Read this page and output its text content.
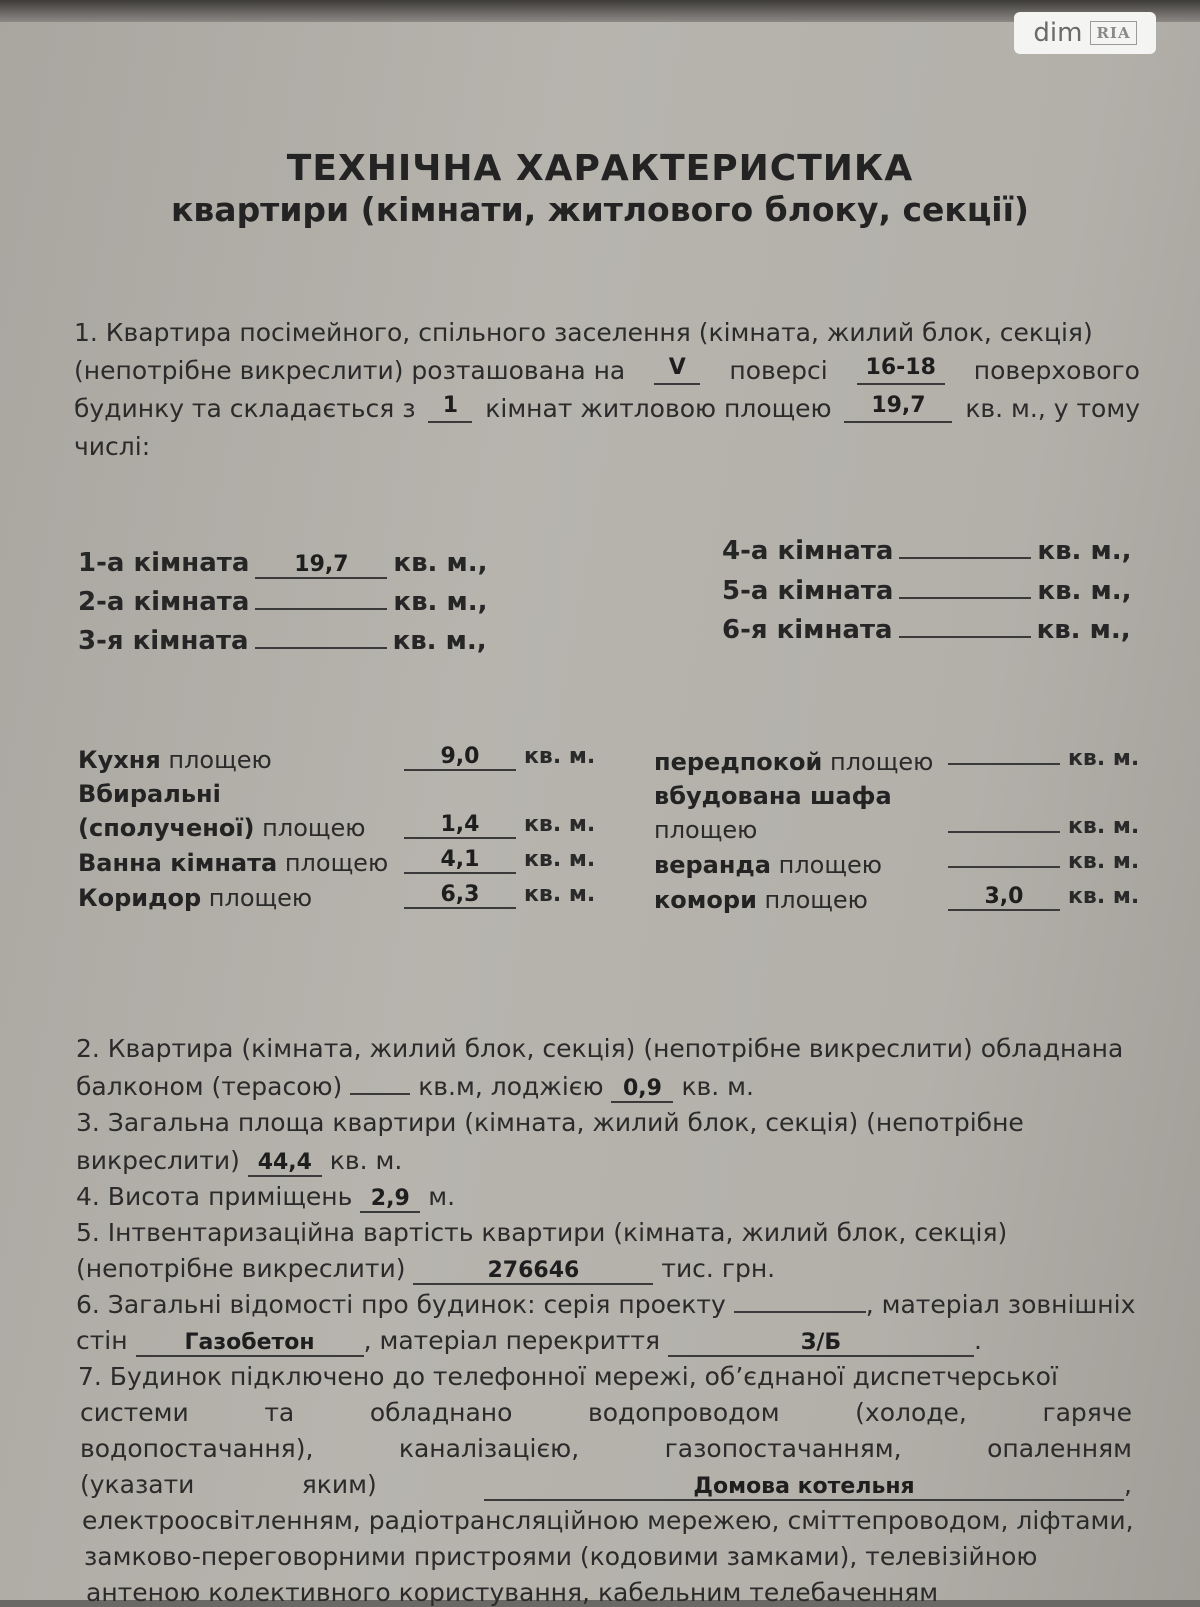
dim RIA
ТЕХНІЧНА ХАРАКТЕРИСТИКА
квартири (кімнати, житлового блоку, секції)
1. Квартира посімейного, спільного заселення (кімната, жилий блок, секція)
(непотрібне викреслити) розташована на	V	поверсі	16-18	поверхового
будинку та складається з	1	кімнат житловою площею	19,7	кв. м., у тому
числі:
1-а кімната 19,7 кв. м.,
2-а кімната	кв. м.,
3-я кімната	кв. м.,
4-а кімната	кв. м.,
5-а кімната	кв. м.,
6-я кімната	кв. м.,
Кухня площею	9,0 кв. м.
Вбиральні
(сполученої) площею	1,4 кв. м.
Ванна кімната площею	4,1 кв. м.
Коридор площею	6,3 кв. м.
передпокой площею	кв. м.
вбудована шафа
площею	кв. м.
веранда площею	кв. м.
комори площею	3,0 кв. м.
2. Квартира (кімната, жилий блок, секція) (непотрібне викреслити) обладнана
балконом (терасою)	кв.м, лоджією 0,9 кв. м.
3. Загальна площа квартири (кімната, жилий блок, секція) (непотрібне
викреслити) 44,4 кв. м.
4. Висота приміщень 2,9 м.
5. Інтвентаризаційна вартість квартири (кімната, жилий блок, секція)
(непотрібне викреслити)	276646	тис. грн.
6. Загальні відомості про будинок: серія проекту	, матеріал зовнішніх
стін	Газобетон , матеріал перекриття	З/Б	.
7. Будинок підключено до телефонної мережі, об’єднаної диспетчерської
системи	та	обладнано	водопроводом	(холоде,	гаряче
водопостачання),	каналізацією,	газопостачанням,	опаленням
(указати	яким)	Домова котельня	,
електроосвітленням, радіотрансляційною мережею, сміттепроводом, ліфтами,
замково-переговорними пристроями (кодовими замками), телевізійною
антеною колективного користування, кабельним телебаченням
